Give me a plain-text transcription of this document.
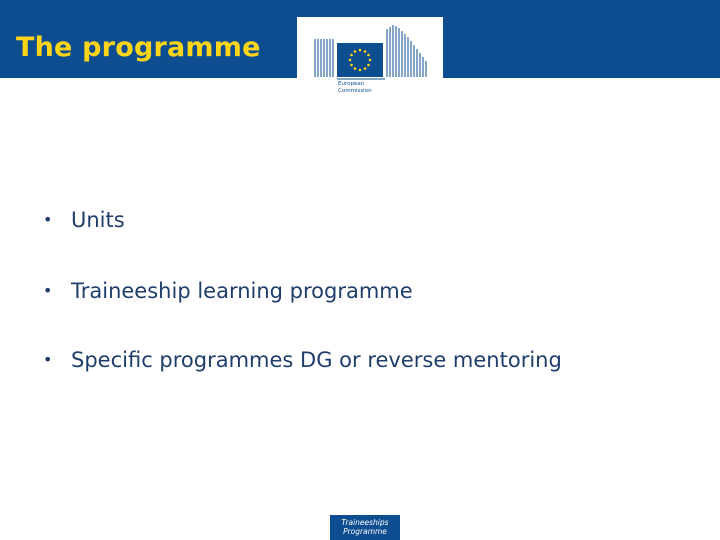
The programme
European
Commission
• Units
• Traineeship learning programme
• Specific programmes DG or reverse mentoring
Traineeships
Programme
